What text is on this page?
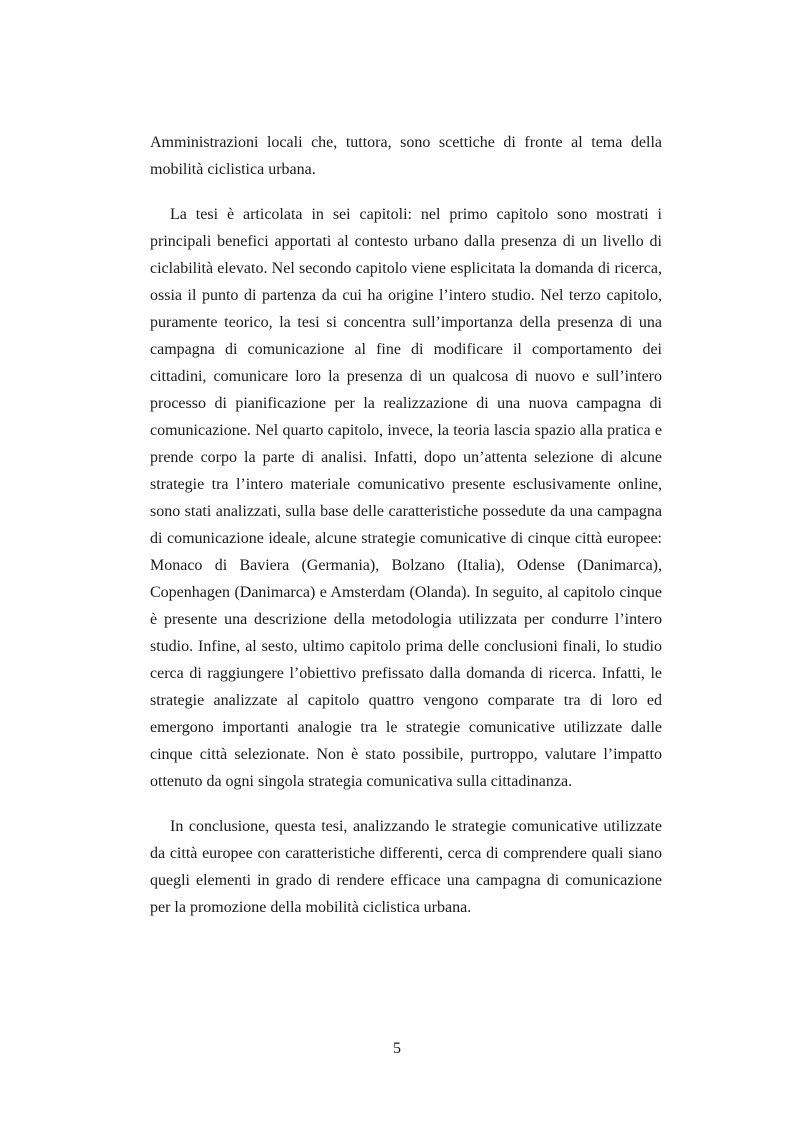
Amministrazioni locali che, tuttora, sono scettiche di fronte al tema della
mobilità ciclistica urbana.
La tesi è articolata in sei capitoli: nel primo capitolo sono mostrati i
principali benefici apportati al contesto urbano dalla presenza di un livello di
ciclabilità elevato. Nel secondo capitolo viene esplicitata la domanda di ricerca,
ossia il punto di partenza da cui ha origine l’intero studio. Nel terzo capitolo,
puramente teorico, la tesi si concentra sull’importanza della presenza di una
campagna di comunicazione al fine di modificare il comportamento dei
cittadini, comunicare loro la presenza di un qualcosa di nuovo e sull’intero
processo di pianificazione per la realizzazione di una nuova campagna di
comunicazione. Nel quarto capitolo, invece, la teoria lascia spazio alla pratica e
prende corpo la parte di analisi. Infatti, dopo un’attenta selezione di alcune
strategie tra l’intero materiale comunicativo presente esclusivamente online,
sono stati analizzati, sulla base delle caratteristiche possedute da una campagna
di comunicazione ideale, alcune strategie comunicative di cinque città europee:
Monaco di Baviera (Germania), Bolzano (Italia), Odense (Danimarca),
Copenhagen (Danimarca) e Amsterdam (Olanda). In seguito, al capitolo cinque
è presente una descrizione della metodologia utilizzata per condurre l’intero
studio. Infine, al sesto, ultimo capitolo prima delle conclusioni finali, lo studio
cerca di raggiungere l’obiettivo prefissato dalla domanda di ricerca. Infatti, le
strategie analizzate al capitolo quattro vengono comparate tra di loro ed
emergono importanti analogie tra le strategie comunicative utilizzate dalle
cinque città selezionate. Non è stato possibile, purtroppo, valutare l’impatto
ottenuto da ogni singola strategia comunicativa sulla cittadinanza.
In conclusione, questa tesi, analizzando le strategie comunicative utilizzate
da città europee con caratteristiche differenti, cerca di comprendere quali siano
quegli elementi in grado di rendere efficace una campagna di comunicazione
per la promozione della mobilità ciclistica urbana.
5
